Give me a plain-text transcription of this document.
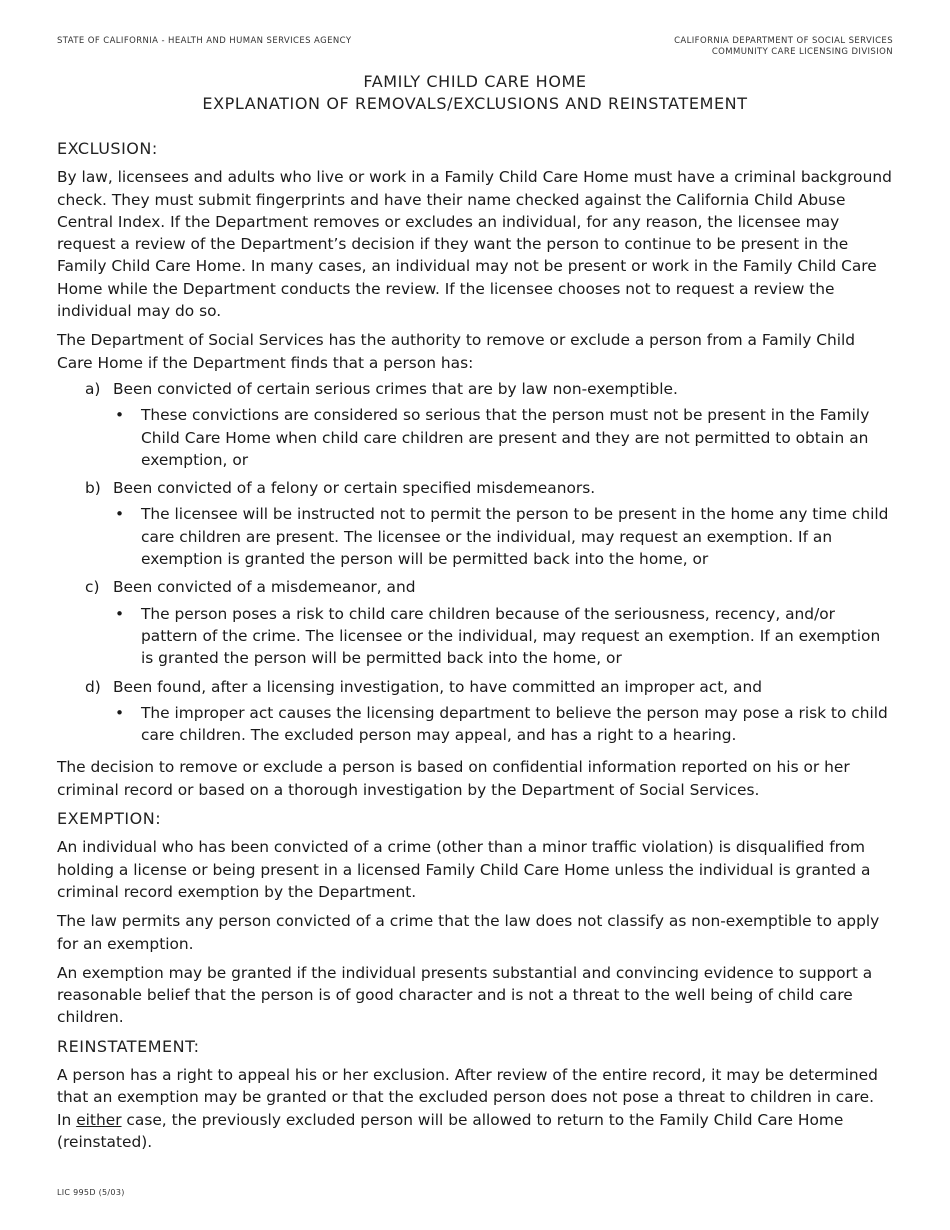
STATE OF CALIFORNIA - HEALTH AND HUMAN SERVICES AGENCY	CALIFORNIA DEPARTMENT OF SOCIAL SERVICES
COMMUNITY CARE LICENSING DIVISION
FAMILY CHILD CARE HOME
EXPLANATION OF REMOVALS/EXCLUSIONS AND REINSTATEMENT
EXCLUSION:

By law, licensees and adults who live or work in a Family Child Care Home must have a criminal background check. They must submit fingerprints and have their name checked against the California Child Abuse Central Index. If the Department removes or excludes an individual, for any reason, the licensee may request a review of the Department’s decision if they want the person to continue to be present in the Family Child Care Home. In many cases, an individual may not be present or work in the Family Child Care Home while the Department conducts the review. If the licensee chooses not to request a review the individual may do so.

The Department of Social Services has the authority to remove or exclude a person from a Family Child Care Home if the Department finds that a person has:

a) Been convicted of certain serious crimes that are by law non-exemptible.
• These convictions are considered so serious that the person must not be present in the Family Child Care Home when child care children are present and they are not permitted to obtain an exemption, or
b) Been convicted of a felony or certain specified misdemeanors.
• The licensee will be instructed not to permit the person to be present in the home any time child care children are present. The licensee or the individual, may request an exemption. If an exemption is granted the person will be permitted back into the home, or
c) Been convicted of a misdemeanor, and
• The person poses a risk to child care children because of the seriousness, recency, and/or pattern of the crime. The licensee or the individual, may request an exemption. If an exemption is granted the person will be permitted back into the home, or
d) Been found, after a licensing investigation, to have committed an improper act, and
• The improper act causes the licensing department to believe the person may pose a risk to child care children. The excluded person may appeal, and has a right to a hearing.

The decision to remove or exclude a person is based on confidential information reported on his or her criminal record or based on a thorough investigation by the Department of Social Services.

EXEMPTION:

An individual who has been convicted of a crime (other than a minor traffic violation) is disqualified from holding a license or being present in a licensed Family Child Care Home unless the individual is granted a criminal record exemption by the Department.

The law permits any person convicted of a crime that the law does not classify as non-exemptible to apply for an exemption.

An exemption may be granted if the individual presents substantial and convincing evidence to support a reasonable belief that the person is of good character and is not a threat to the well being of child care children.

REINSTATEMENT:

A person has a right to appeal his or her exclusion. After review of the entire record, it may be determined that an exemption may be granted or that the excluded person does not pose a threat to children in care. In either case, the previously excluded person will be allowed to return to the Family Child Care Home (reinstated).

LIC 995D (5/03)
